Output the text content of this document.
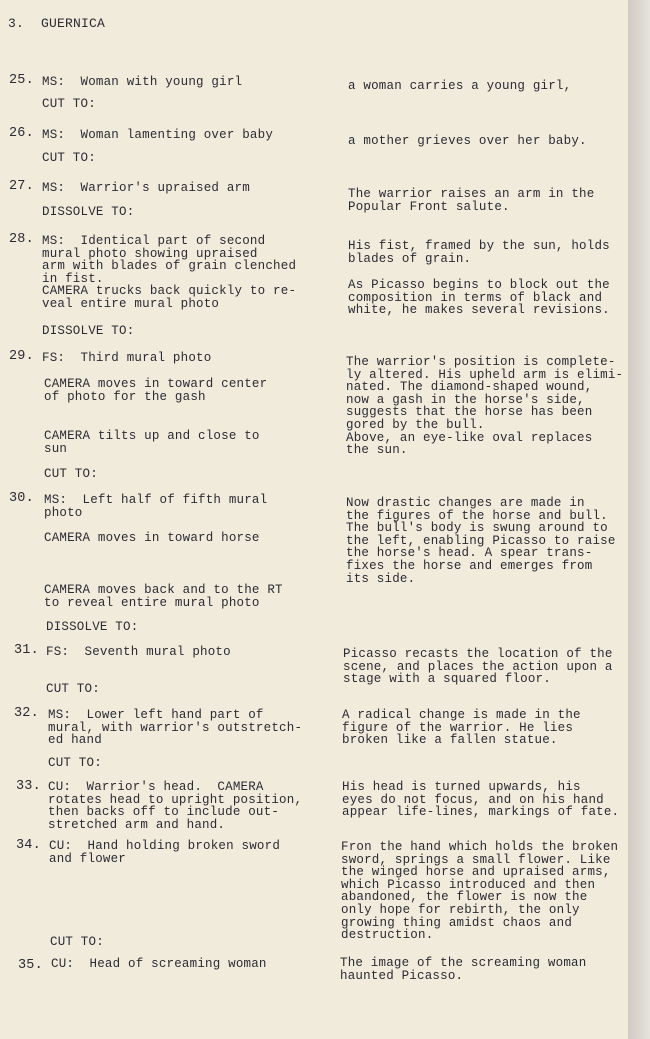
3. GUERNICA
25. MS:  Woman with young girl
CUT TO:
a woman carries a young girl,
26. MS:  Woman lamenting over baby
CUT TO:
a mother grieves over her baby.
27. MS:  Warrior's upraised arm
DISSOLVE TO:
The warrior raises an arm in the
Popular Front salute.
28. MS:  Identical part of second
mural photo showing upraised
arm with blades of grain clenched
in fist.
CAMERA trucks back quickly to re-
veal entire mural photo
DISSOLVE TO:
His fist, framed by the sun, holds
blades of grain.
As Picasso begins to block out the
composition in terms of black and
white, he makes several revisions.
29. FS:  Third mural photo
CAMERA moves in toward center
of photo for the gash
CAMERA tilts up and close to
sun
CUT TO:
The warrior's position is complete-
ly altered. His upheld arm is elimi-
nated. The diamond-shaped wound,
now a gash in the horse's side,
suggests that the horse has been
gored by the bull.
Above, an eye-like oval replaces
the sun.
30. MS:  Left half of fifth mural
photo
CAMERA moves in toward horse
CAMERA moves back and to the RT
to reveal entire mural photo
DISSOLVE TO:
Now drastic changes are made in
the figures of the horse and bull.
The bull's body is swung around to
the left, enabling Picasso to raise
the horse's head. A spear trans-
fixes the horse and emerges from
its side.
31. FS:  Seventh mural photo
CUT TO:
Picasso recasts the location of the
scene, and places the action upon a
stage with a squared floor.
32. MS:  Lower left hand part of
mural, with warrior's outstretch-
ed hand
CUT TO:
A radical change is made in the
figure of the warrior. He lies
broken like a fallen statue.
33. CU:  Warrior's head.  CAMERA
rotates head to upright position,
then backs off to include out-
stretched arm and hand.
His head is turned upwards, his
eyes do not focus, and on his hand
appear life-lines, markings of fate.
34. CU:  Hand holding broken sword
and flower
CUT TO:
Fron the hand which holds the broken
sword, springs a small flower. Like
the winged horse and upraised arms,
which Picasso introduced and then
abandoned, the flower is now the
only hope for rebirth, the only
growing thing amidst chaos and
destruction.
35. CU:  Head of screaming woman	The image of the screaming woman
haunted Picasso.
